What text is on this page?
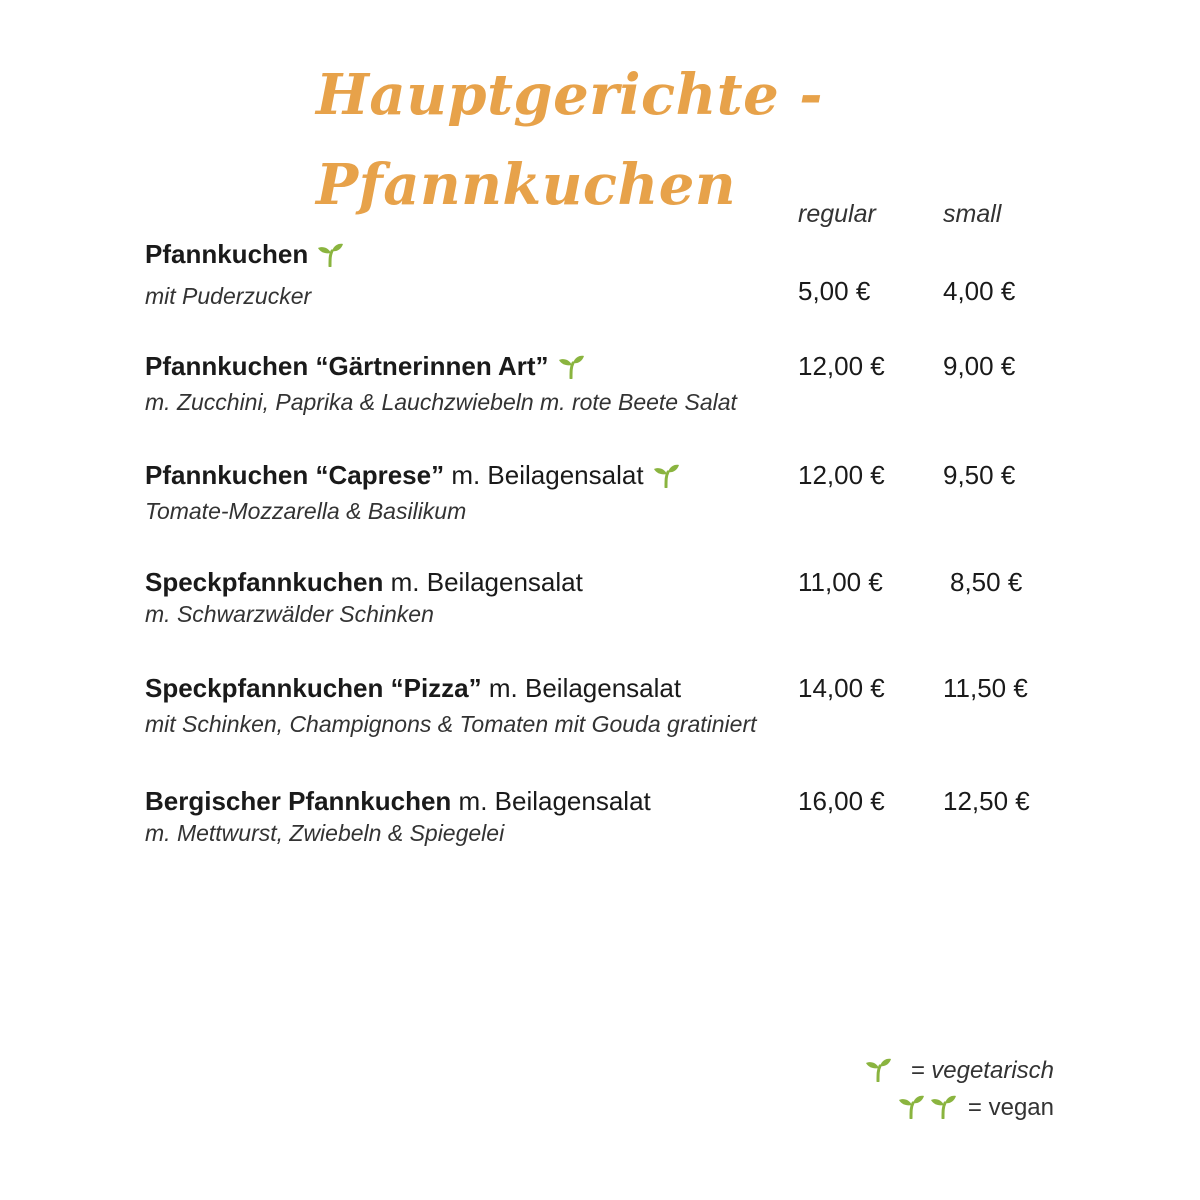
Hauptgerichte - Pfannkuchen	regular	small
Pfannkuchen
mit Puderzucker	5,00 €	4,00 €
Pfannkuchen “Gärtnerinnen Art”
m. Zucchini, Paprika & Lauchzwiebeln m. rote Beete Salat
12,00 € 9,00 €
Pfannkuchen “Caprese” m. Beilagensalat
Tomate-Mozzarella & Basilikum
12,00 € 9,50 €
Speckpfannkuchen m. Beilagensalat
m. Schwarzwälder Schinken
11,00 €	8,50 €
Speckpfannkuchen “Pizza” m. Beilagensalat
mit Schinken, Champignons & Tomaten mit Gouda gratiniert
14,00 € 11,50 €
Bergischer Pfannkuchen m. Beilagensalat
m. Mettwurst, Zwiebeln & Spiegelei
16,00 € 12,50 €
= vegetarisch
= vegan
